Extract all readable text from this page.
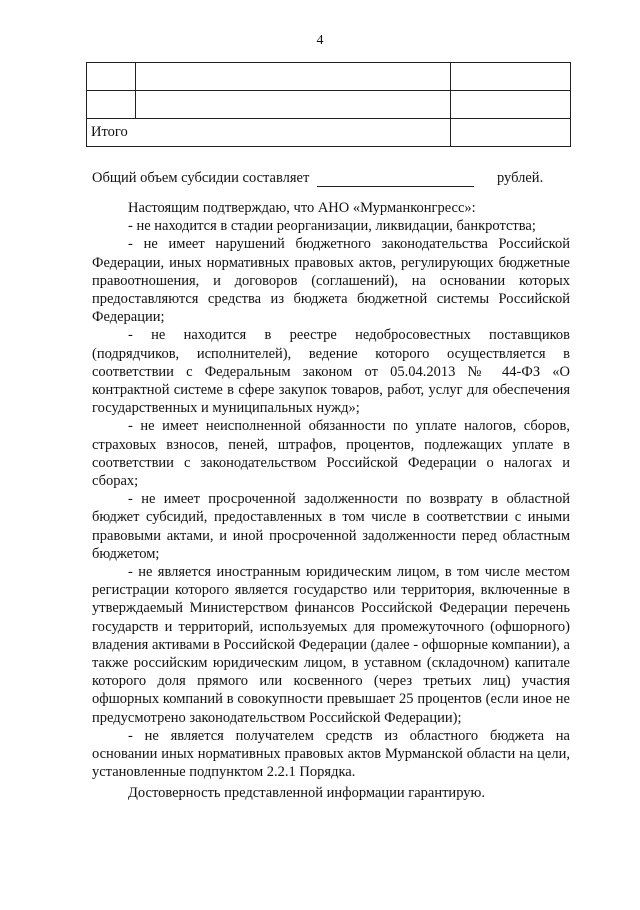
4

Итого		
Общий объем субсидии составляет	рублей.

Настоящим подтверждаю, что АНО «Мурманконгресс»:

- не находится в стадии реорганизации, ликвидации, банкротства;

- не имеет нарушений бюджетного законодательства Российской Федерации, иных нормативных правовых актов, регулирующих бюджетные правоотношения, и договоров (соглашений), на основании которых предоставляются средства из бюджета бюджетной системы Российской Федерации;

- не находится в реестре недобросовестных поставщиков (подрядчиков, исполнителей), ведение которого осуществляется в соответствии с Федеральным законом от 05.04.2013 № 44-ФЗ «О контрактной системе в сфере закупок товаров, работ, услуг для обеспечения государственных и муниципальных нужд»;

- не имеет неисполненной обязанности по уплате налогов, сборов, страховых взносов, пеней, штрафов, процентов, подлежащих уплате в соответствии с законодательством Российской Федерации о налогах и сборах;

- не имеет просроченной задолженности по возврату в областной бюджет субсидий, предоставленных в том числе в соответствии с иными правовыми актами, и иной просроченной задолженности перед областным бюджетом;

- не является иностранным юридическим лицом, в том числе местом регистрации которого является государство или территория, включенные в утверждаемый Министерством финансов Российской Федерации перечень государств и территорий, используемых для промежуточного (офшорного) владения активами в Российской Федерации (далее - офшорные компании), а также российским юридическим лицом, в уставном (складочном) капитале которого доля прямого или косвенного (через третьих лиц) участия офшорных компаний в совокупности превышает 25 процентов (если иное не предусмотрено законодательством Российской Федерации);

- не является получателем средств из областного бюджета на основании иных нормативных правовых актов Мурманской области на цели, установленные подпунктом 2.2.1 Порядка.

Достоверность представленной информации гарантирую.
